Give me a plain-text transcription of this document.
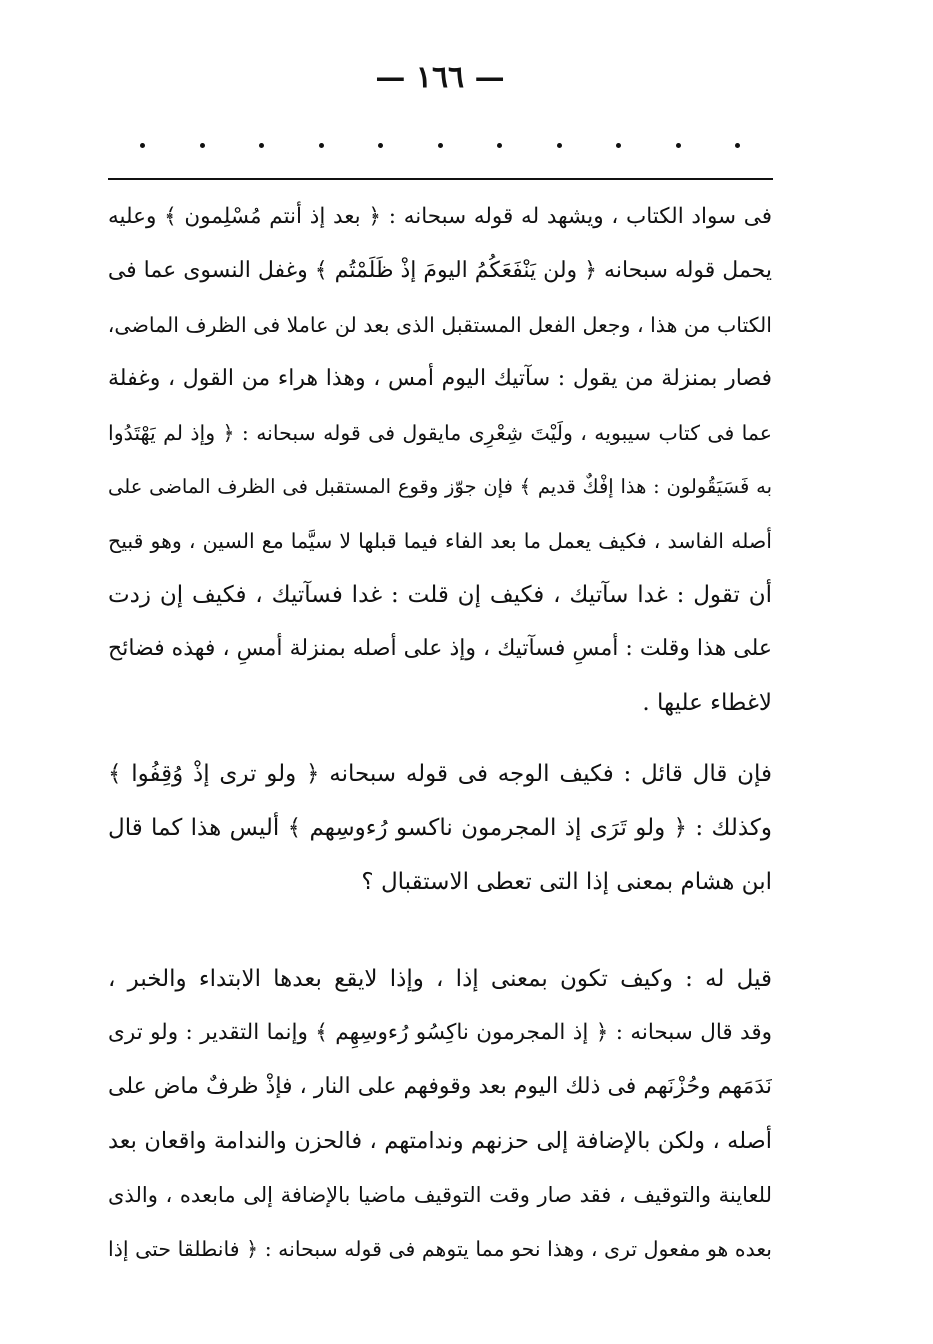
— ١٦٦ —
فى سواد الكتاب ، ويشهد له قوله سبحانه : ﴿ بعد إذ أنتم مُسْلِمون ﴾ وعليه
يحمل قوله سبحانه ﴿ ولن يَنْفَعَكُمُ اليومَ إذْ ظَلَمْتُم ﴾ وغفل النسوى عما فى
الكتاب من هذا ، وجعل الفعل المستقبل الذى بعد لن عاملا فى الظرف الماضى،
فصار بمنزلة من يقول : سآتيك اليوم أمس ، وهذا هراء من القول ، وغفلة
عما فى كتاب سيبويه ، ولَيْتَ شِعْرِى مايقول فى قوله سبحانه : ﴿ وإذ لم يَهْتَدُوا
به فَسَيَقُولون : هذا إفْكٌ قديم ﴾ فإن جوّز وقوع المستقبل فى الظرف الماضى على
أصله الفاسد ، فكيف يعمل ما بعد الفاء فيما قبلها لا سيَّما مع السين ، وهو قبيح
أن تقول : غدا سآتيك ، فكيف إن قلت : غدا فسآتيك ، فكيف إن زدت
على هذا وقلت : أمسِ فسآتيك ، وإذ على أصله بمنزلة أمسِ ، فهذه فضائح
لاغطاء عليها .
فإن قال قائل : فكيف الوجه فى قوله سبحانه ﴿ ولو ترى إذْ وُقِفُوا ﴾
وكذلك : ﴿ ولو تَرَى إذ المجرمون ناكسو رُءوسِهم ﴾ أليس هذا كما قال
ابن هشام بمعنى إذا التى تعطى الاستقبال ؟
قيل له : وكيف تكون بمعنى إذا ، وإذا لايقع بعدها الابتداء والخبر ،
وقد قال سبحانه : ﴿ إذ المجرمون ناكِسُو رُءوسِهِم ﴾ وإنما التقدير : ولو ترى
نَدَمَهم وحُزْنَهم فى ذلك اليوم بعد وقوفهم على النار ، فإذْ ظرفٌ ماض على
أصله ، ولكن بالإضافة إلى حزنهم وندامتهم ، فالحزن والندامة واقعان بعد
للعاينة والتوقيف ، فقد صار وقت التوقيف ماضيا بالإضافة إلى مابعده ، والذى
بعده هو مفعول ترى ، وهذا نحو مما يتوهم فى قوله سبحانه : ﴿ فانطلقا حتى إذا
